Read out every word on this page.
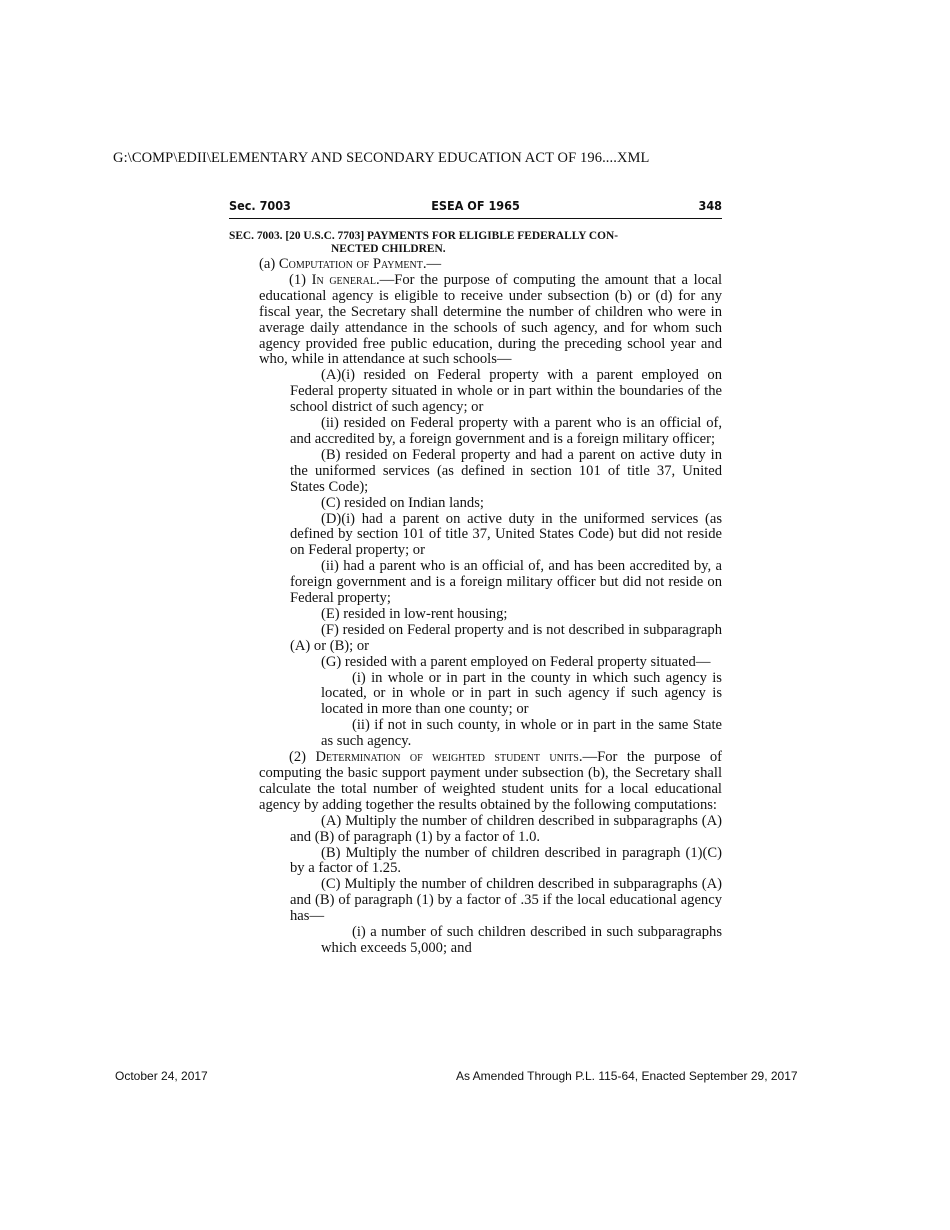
G:\COMP\EDII\ELEMENTARY AND SECONDARY EDUCATION ACT OF 196....XML
Sec. 7003	ESEA OF 1965	348
SEC. 7003. [20 U.S.C. 7703] PAYMENTS FOR ELIGIBLE FEDERALLY CON-
NECTED CHILDREN.

(a) Computation of Payment.—

(1) In general.—For the purpose of computing the amount that a local educational agency is eligible to receive under subsection (b) or (d) for any fiscal year, the Secretary shall determine the number of children who were in average daily attendance in the schools of such agency, and for whom such agency provided free public education, during the preceding school year and who, while in attendance at such schools—

(A)(i) resided on Federal property with a parent employed on Federal property situated in whole or in part within the boundaries of the school district of such agency; or

(ii) resided on Federal property with a parent who is an official of, and accredited by, a foreign government and is a foreign military officer;

(B) resided on Federal property and had a parent on active duty in the uniformed services (as defined in section 101 of title 37, United States Code);

(C) resided on Indian lands;

(D)(i) had a parent on active duty in the uniformed services (as defined by section 101 of title 37, United States Code) but did not reside on Federal property; or

(ii) had a parent who is an official of, and has been accredited by, a foreign government and is a foreign military officer but did not reside on Federal property;

(E) resided in low-rent housing;

(F) resided on Federal property and is not described in subparagraph (A) or (B); or

(G) resided with a parent employed on Federal property situated—

(i) in whole or in part in the county in which such agency is located, or in whole or in part in such agency if such agency is located in more than one county; or

(ii) if not in such county, in whole or in part in the same State as such agency.

(2) Determination of weighted student units.—For the purpose of computing the basic support payment under subsection (b), the Secretary shall calculate the total number of weighted student units for a local educational agency by adding together the results obtained by the following computations:

(A) Multiply the number of children described in subparagraphs (A) and (B) of paragraph (1) by a factor of 1.0.

(B) Multiply the number of children described in paragraph (1)(C) by a factor of 1.25.

(C) Multiply the number of children described in subparagraphs (A) and (B) of paragraph (1) by a factor of .35 if the local educational agency has—

(i) a number of such children described in such subparagraphs which exceeds 5,000; and

October 24, 2017	As Amended Through P.L. 115-64, Enacted September 29, 2017
